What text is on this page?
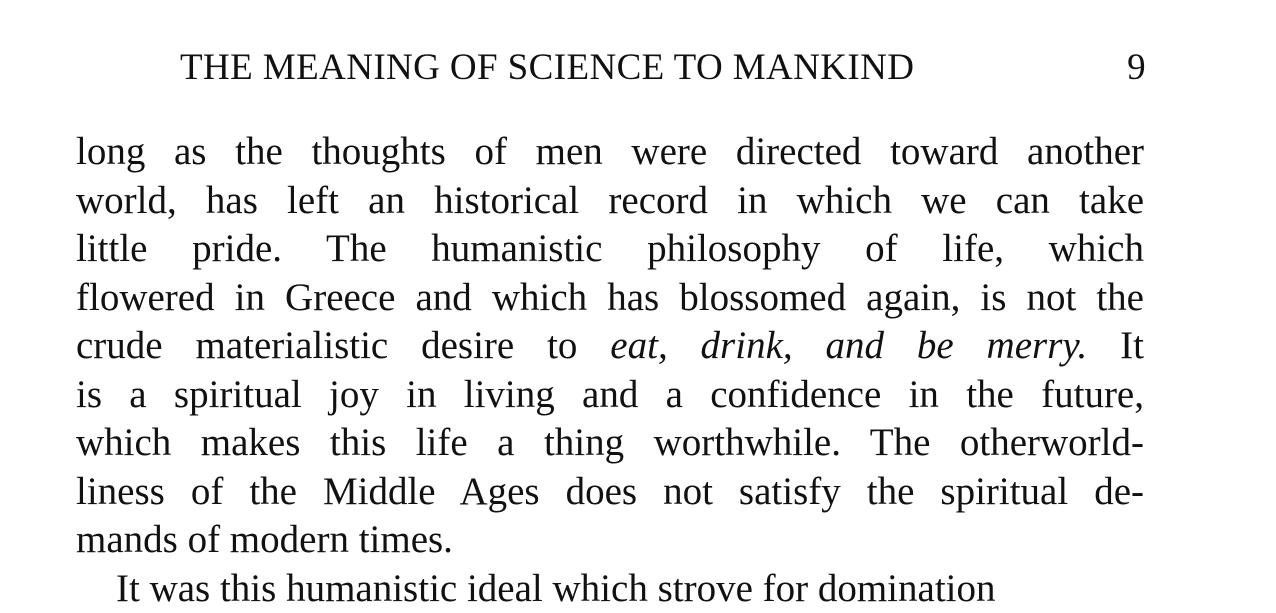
THE MEANING OF SCIENCE TO MANKIND	9
long as the thoughts of men were directed toward another
world, has left an historical record in which we can take
little pride. The humanistic philosophy of life, which
flowered in Greece and which has blossomed again, is not the
crude materialistic desire to eat, drink, and be merry. It
is a spiritual joy in living and a confidence in the future,
which makes this life a thing worthwhile. The otherworld-
liness of the Middle Ages does not satisfy the spiritual de-
mands of modern times.
It was this humanistic ideal which strove for domination
